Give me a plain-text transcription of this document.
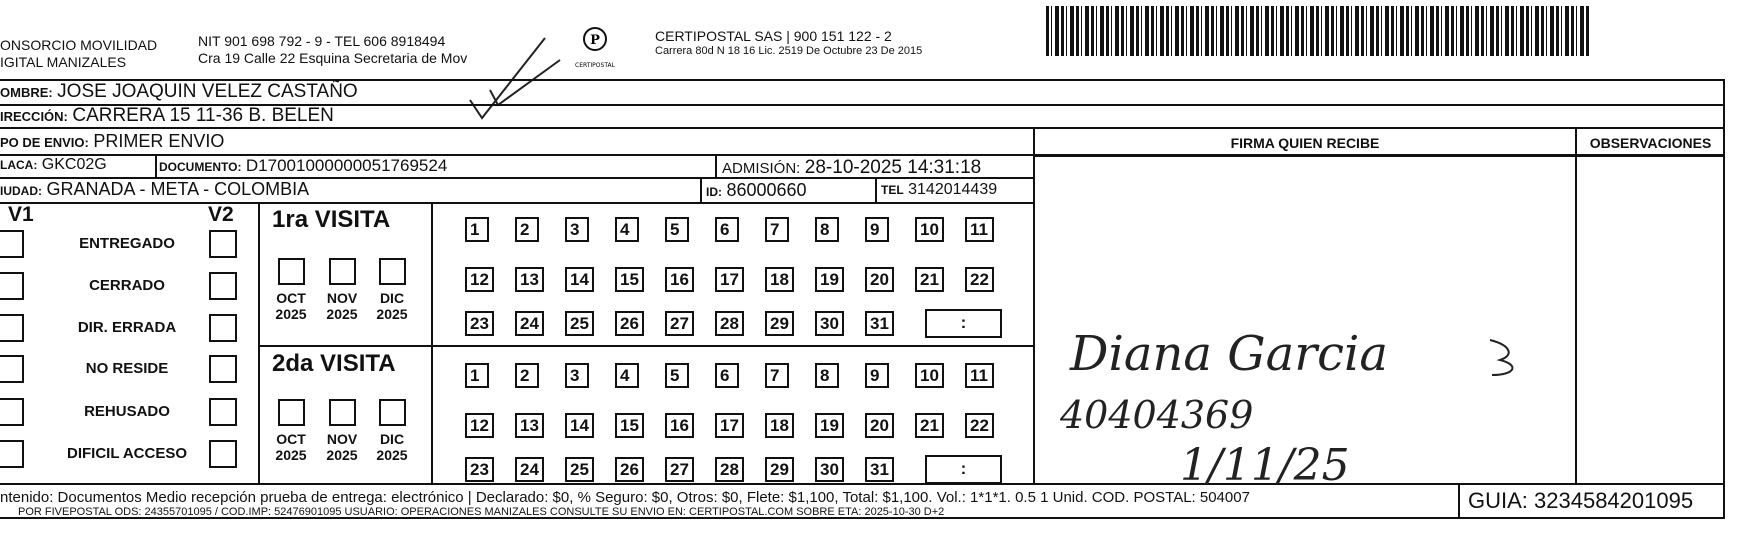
ONSORCIO MOVILIDAD
IGITAL MANIZALES
NIT 901 698 792 - 9 - TEL 606 8918494
Cra 19 Calle 22 Esquina Secretaria de Mov
P
CERTIPOSTAL
CERTIPOSTAL SAS | 900 151 122 - 2
Carrera 80d N 18 16 Lic. 2519 De Octubre 23 De 2015
OMBRE: JOSE JOAQUIN VELEZ CASTAÑO
IRECCIÓN: CARRERA 15 11-36 B. BELEN
PO DE ENVIO: PRIMER ENVIO
LACA: GKC02G	DOCUMENTO: D17001000000051769524	ADMISIÓN: 28-10-2025 14:31:18
IUDAD: GRANADA - META - COLOMBIA	ID: 86000660	TEL 3142014439
FIRMA QUIEN RECIBE	OBSERVACIONES
V1	V2
ENTREGADO
CERRADO
DIR. ERRADA
NO RESIDE
REHUSADO
DIFICIL ACCESO
1ra VISITA
2da VISITA
OCT
2025
NOV
2025
DIC
2025
OCT
2025
NOV
2025
DIC
2025
1	2	3	4	5	6	7	8	9	10 11
12 13 14 15 16 17 18 19 20 21 22
23 24 25 26 27 28 29 30 31	:
1	2	3	4	5	6	7	8	9	10 11
12 13 14 15 16 17 18 19 20 21 22
23 24 25 26 27 28 29 30 31	:
Diana Garcia
40404369
1/11/25
ntenido: Documentos Medio recepción prueba de entrega: electrónico | Declarado: $0, % Seguro: $0, Otros: $0, Flete: $1,100, Total: $1,100. Vol.: 1*1*1. 0.5 1 Unid. COD. POSTAL: 504007
POR FIVEPOSTAL ODS: 24355701095 / COD.IMP: 52476901095 USUARIO: OPERACIONES MANIZALES CONSULTE SU ENVIO EN: CERTIPOSTAL.COM SOBRE ETA: 2025-10-30 D+2	GUIA: 3234584201095
